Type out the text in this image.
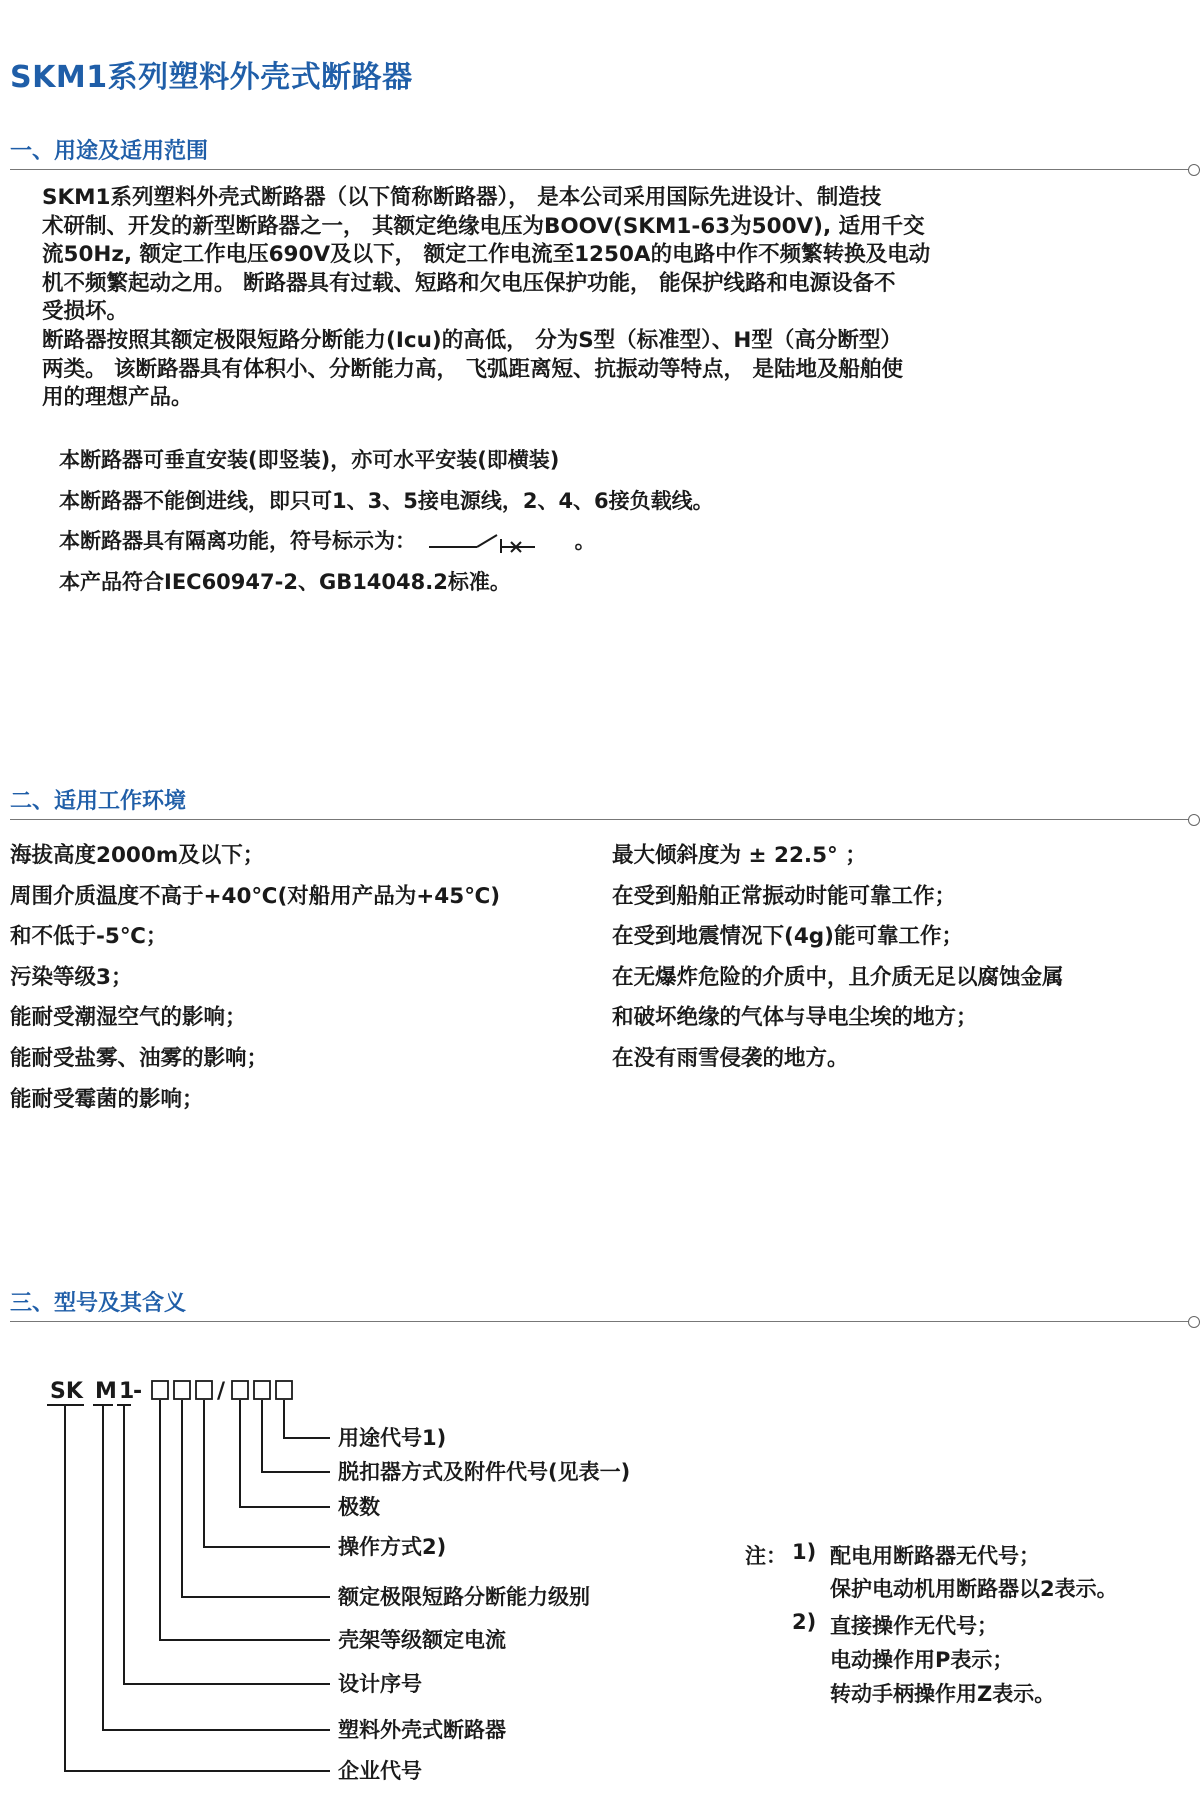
SKM1系列塑料外壳式断路器
一、用途及适用范围

SKM1系列塑料外壳式断路器（以下简称断路器）， 是本公司采用国际先进设计、制造技

术研制、开发的新型断路器之一， 其额定绝缘电压为BOOV(SKM1-63为500V), 适用千交

流50Hz, 额定工作电压690V及以下， 额定工作电流至1250A的电路中作不频繁转换及电动

机不频繁起动之用。 断路器具有过载、短路和欠电压保护功能， 能保护线路和电源设备不

受损坏。

断路器按照其额定极限短路分断能力(Icu)的高低， 分为S型（标准型）、H型（高分断型）

两类。 该断路器具有体积小、分断能力高， 飞弧距离短、抗振动等特点， 是陆地及船舶使

用的理想产品。

本断路器可垂直安装(即竖装)，亦可水平安装(即横装)
本断路器不能倒进线，即只可1、3、5接电源线，2、4、6接负载线。
本断路器具有隔离功能，符号标示为：	。
本产品符合IEC60947-2、GB14048.2标准。
二、适用工作环境
海拔高度2000m及以下；
周围介质温度不高于+40℃(对船用产品为+45℃)
和不低于-5℃；
污染等级3；
能耐受潮湿空气的影响；
能耐受盐雾、油雾的影响；
能耐受霉菌的影响；
最大倾斜度为 ± 22.5° ；
在受到船舶正常振动时能可靠工作；
在受到地震情况下(4g)能可靠工作；
在无爆炸危险的介质中，且介质无足以腐蚀金属
和破坏绝缘的气体与导电尘埃的地方；
在没有雨雪侵袭的地方。
三、型号及其含义
SK M 1
-	/
用途代号1)
脱扣器方式及附件代号(见表一)
极数
操作方式2)
额定极限短路分断能力级别
壳架等级额定电流
设计序号
塑料外壳式断路器
企业代号
注： 1) 配电用断路器无代号；
保护电动机用断路器以2表示。
2) 直接操作无代号；
电动操作用P表示；
转动手柄操作用Z表示。
